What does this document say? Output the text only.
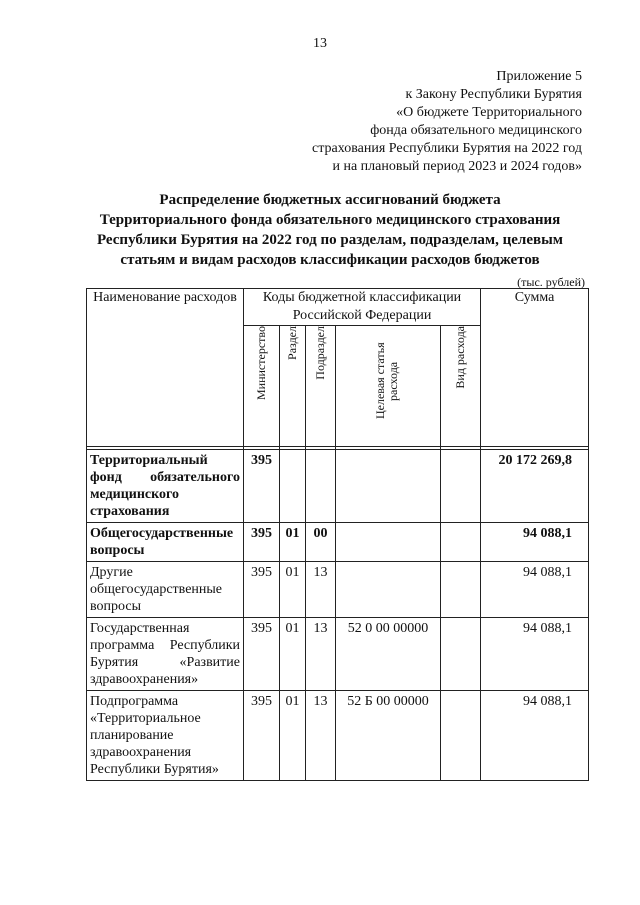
13
Приложение 5
к Закону Республики Бурятия
«О бюджете Территориального
фонда обязательного медицинского
страхования Республики Бурятия на 2022 год
и на плановый период 2023 и 2024 годов»
Распределение бюджетных ассигнований бюджета
Территориального фонда обязательного медицинского страхования
Республики Бурятия на 2022 год по разделам, подразделам, целевым
статьям и видам расходов классификации расходов бюджетов
(тыс. рублей)
Наименование расходов	Коды бюджетной классификации Российской Федерации					Сумма
	Министерство	Раздел	Подраздел	Целевая статья расхода	Вид расхода	

Территориальный фонд обязательного медицинского страхования	395					20 172 269,8
Общегосударственные вопросы	395	01	00			94 088,1
Другие общегосударственные вопросы	395	01	13			94 088,1
Государственная программа Республики Бурятия «Развитие здравоохранения»	395	01	13	52 0 00 00000		94 088,1
Подпрограмма «Территориальное планирование здравоохранения Республики Бурятия»	395	01	13	52 Б 00 00000		94 088,1
